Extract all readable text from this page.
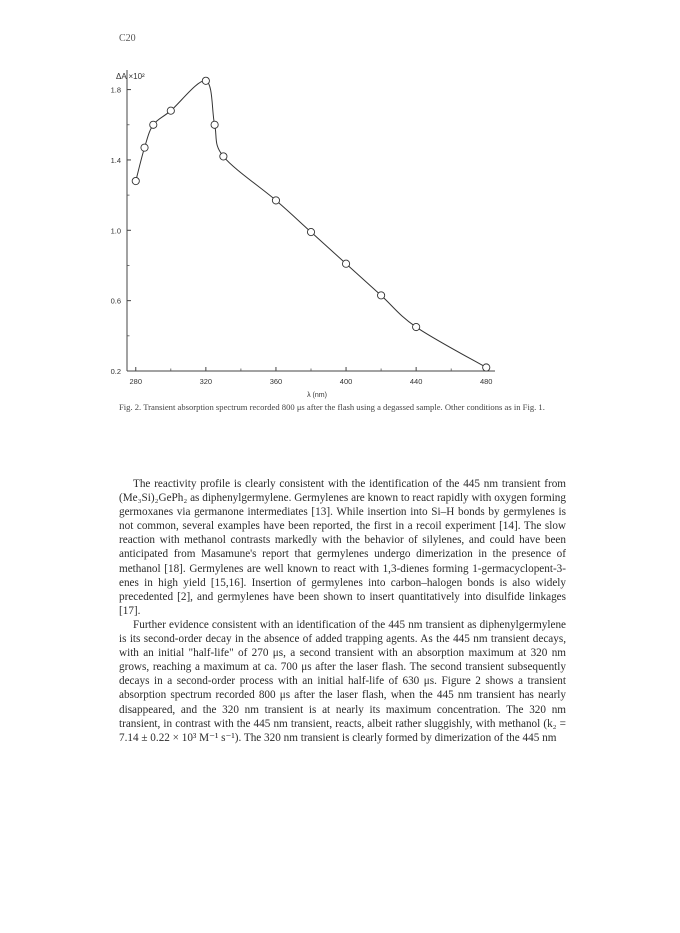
C20
0.2
0.6
1.0
1.4
1.8
280	320	360	400	440	480
ΔA ×10²
λ (nm)
Fig. 2. Transient absorption spectrum recorded 800 μs after the flash using a degassed sample. Other conditions as in Fig. 1.

The reactivity profile is clearly consistent with the identification of the 445 nm transient from (Me₃Si)₂GePh₂ as diphenylgermylene. Germylenes are known to react rapidly with oxygen forming germoxanes via germanone intermediates [13]. While insertion into Si–H bonds by germylenes is not common, several examples have been reported, the first in a recoil experiment [14]. The slow reaction with methanol contrasts markedly with the behavior of silylenes, and could have been anticipated from Masamune's report that germylenes undergo dimerization in the presence of methanol [18]. Germylenes are well known to react with 1,3-dienes forming 1-germacyclopent-3-enes in high yield [15,16]. Insertion of germylenes into carbon–halogen bonds is also widely precedented [2], and germylenes have been shown to insert quantitatively into disulfide linkages [17].

Further evidence consistent with an identification of the 445 nm transient as diphenylgermylene is its second-order decay in the absence of added trapping agents. As the 445 nm transient decays, with an initial "half-life" of 270 μs, a second transient with an absorption maximum at 320 nm grows, reaching a maximum at ca. 700 μs after the laser flash. The second transient subsequently decays in a second-order process with an initial half-life of 630 μs. Figure 2 shows a transient absorption spectrum recorded 800 μs after the laser flash, when the 445 nm transient has nearly disappeared, and the 320 nm transient is at nearly its maximum concentration. The 320 nm transient, in contrast with the 445 nm transient, reacts, albeit rather sluggishly, with methanol (k₂ = 7.14 ± 0.22 × 10³ M⁻¹ s⁻¹). The 320 nm transient is clearly formed by dimerization of the 445 nm
